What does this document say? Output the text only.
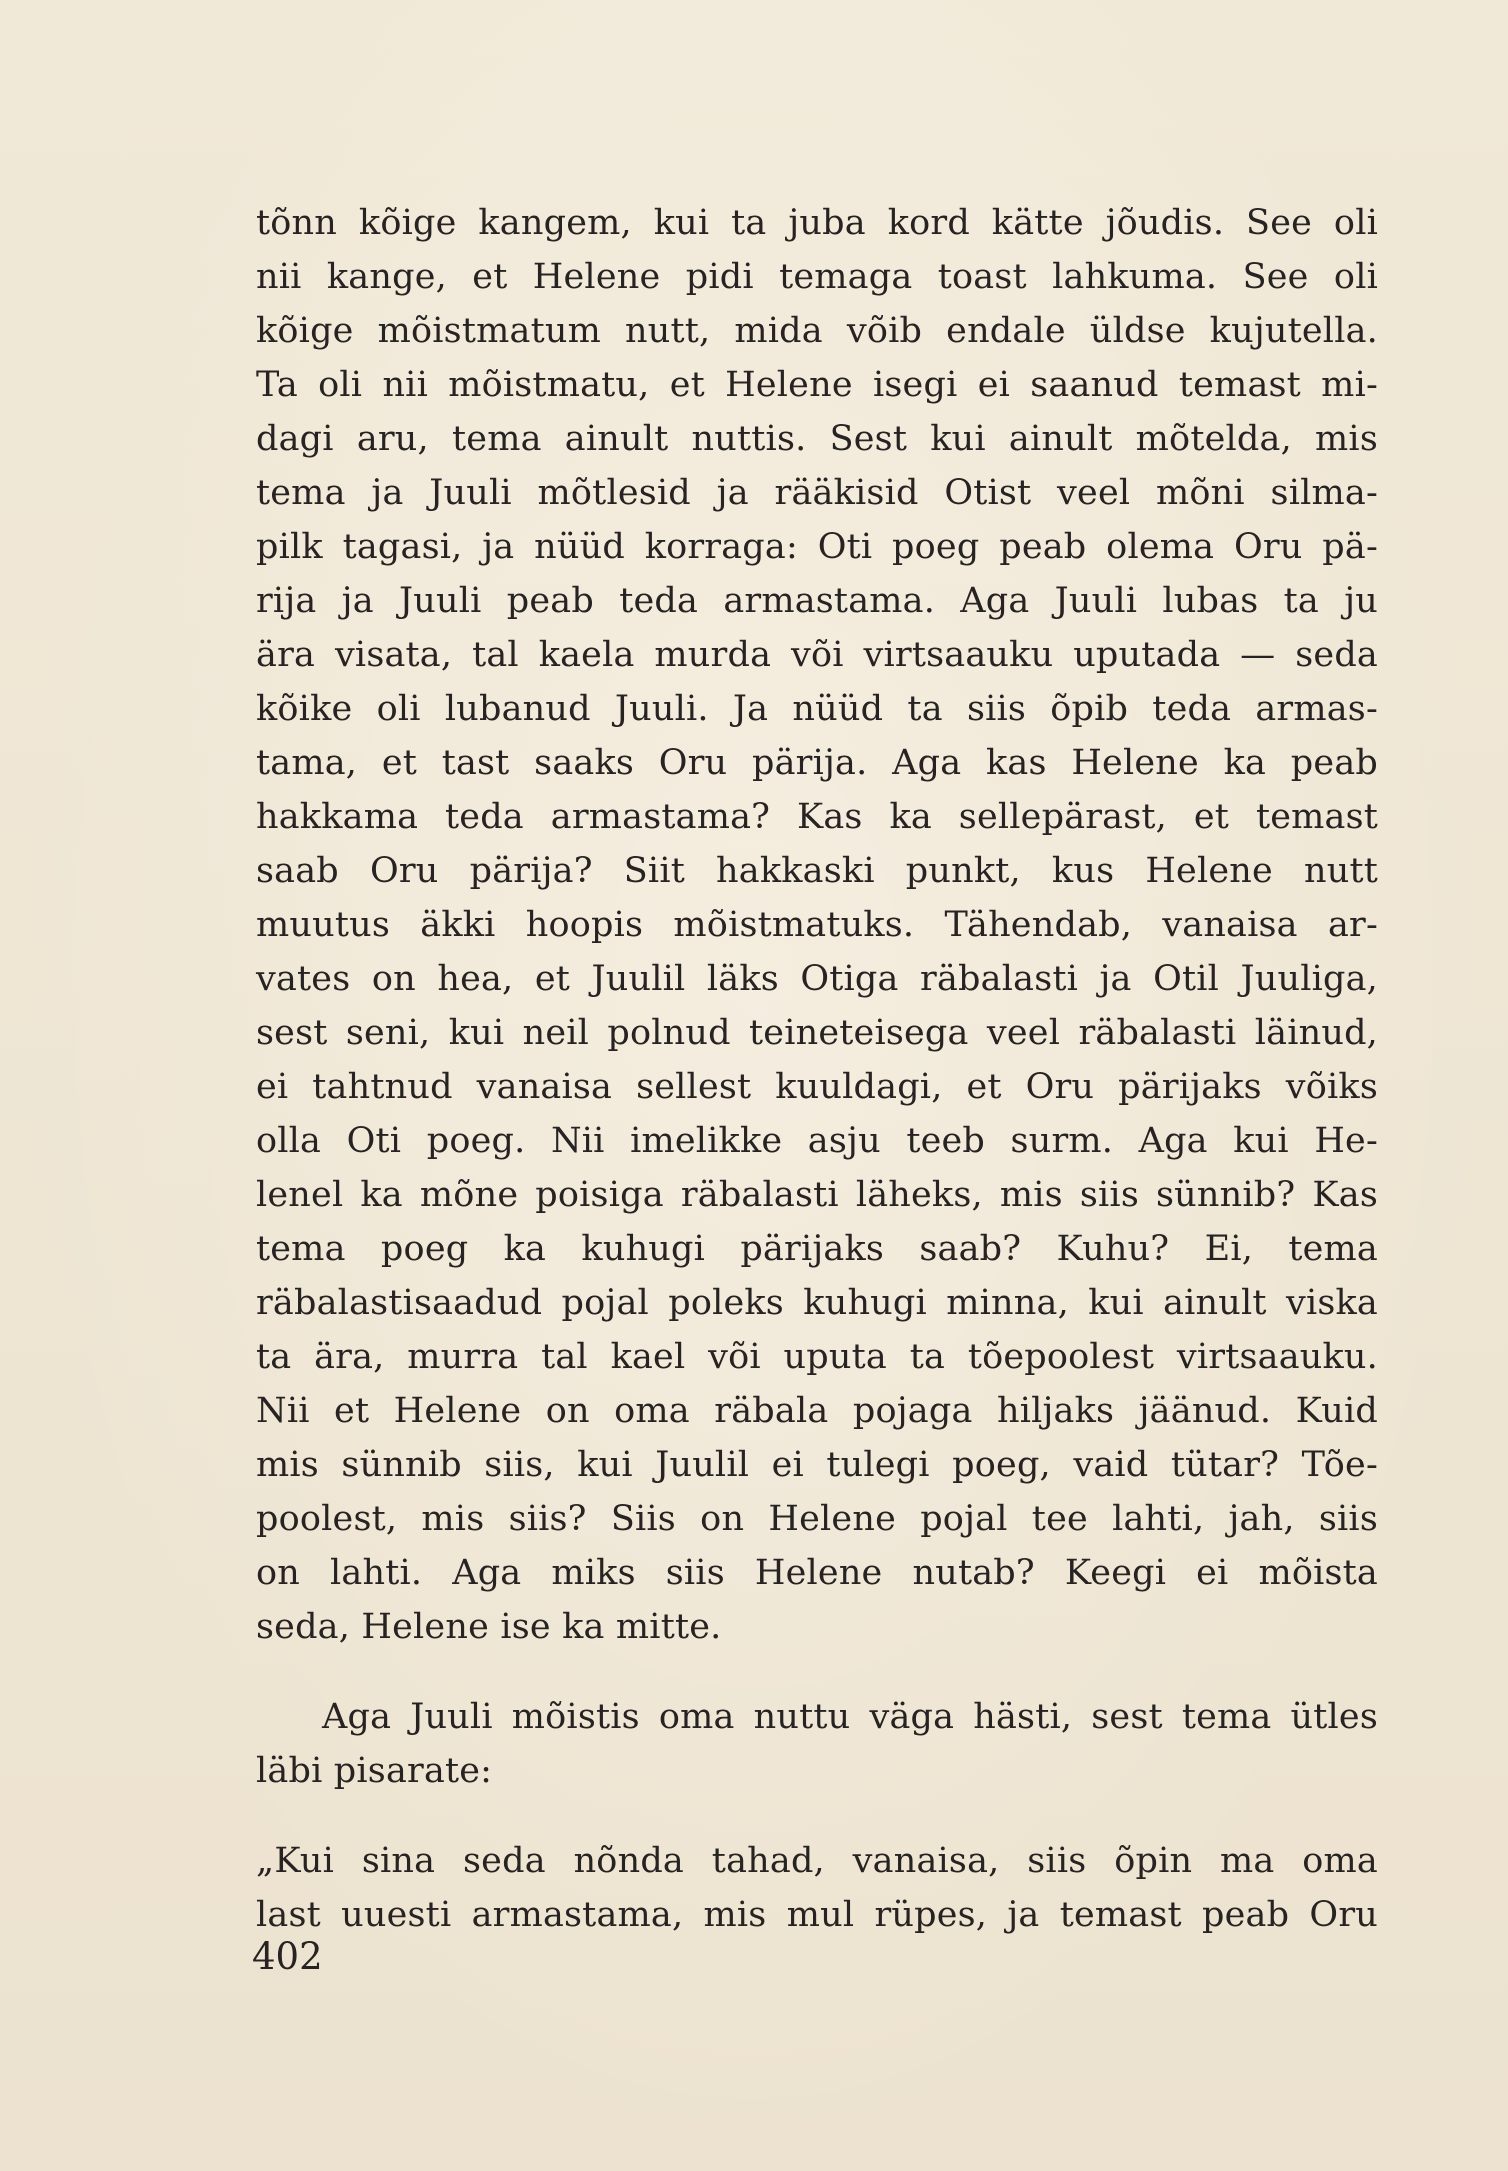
tõnn kõige kangem, kui ta juba kord kätte jõudis. See oli
nii kange, et Helene pidi temaga toast lahkuma. See oli
kõige mõistmatum nutt, mida võib endale üldse kujutella.
Ta oli nii mõistmatu, et Helene isegi ei saanud temast mi-
dagi aru, tema ainult nuttis. Sest kui ainult mõtelda, mis
tema ja Juuli mõtlesid ja rääkisid Otist veel mõni silma-
pilk tagasi, ja nüüd korraga: Oti poeg peab olema Oru pä-
rija ja Juuli peab teda armastama. Aga Juuli lubas ta ju
ära visata, tal kaela murda või virtsaauku uputada — seda
kõike oli lubanud Juuli. Ja nüüd ta siis õpib teda armas-
tama, et tast saaks Oru pärija. Aga kas Helene ka peab
hakkama teda armastama? Kas ka sellepärast, et temast
saab Oru pärija? Siit hakkaski punkt, kus Helene nutt
muutus äkki hoopis mõistmatuks. Tähendab, vanaisa ar-
vates on hea, et Juulil läks Otiga räbalasti ja Otil Juuliga,
sest seni, kui neil polnud teineteisega veel räbalasti läinud,
ei tahtnud vanaisa sellest kuuldagi, et Oru pärijaks võiks
olla Oti poeg. Nii imelikke asju teeb surm. Aga kui He-
lenel ka mõne poisiga räbalasti läheks, mis siis sünnib? Kas
tema poeg ka kuhugi pärijaks saab? Kuhu? Ei, tema
räbalastisaadud pojal poleks kuhugi minna, kui ainult viska
ta ära, murra tal kael või uputa ta tõepoolest virtsaauku.
Nii et Helene on oma räbala pojaga hiljaks jäänud. Kuid
mis sünnib siis, kui Juulil ei tulegi poeg, vaid tütar? Tõe-
poolest, mis siis? Siis on Helene pojal tee lahti, jah, siis
on lahti. Aga miks siis Helene nutab? Keegi ei mõista
seda, Helene ise ka mitte.
Aga Juuli mõistis oma nuttu väga hästi, sest tema ütles
läbi pisarate:
„Kui sina seda nõnda tahad, vanaisa, siis õpin ma oma
last uuesti armastama, mis mul rüpes, ja temast peab Oru
402
